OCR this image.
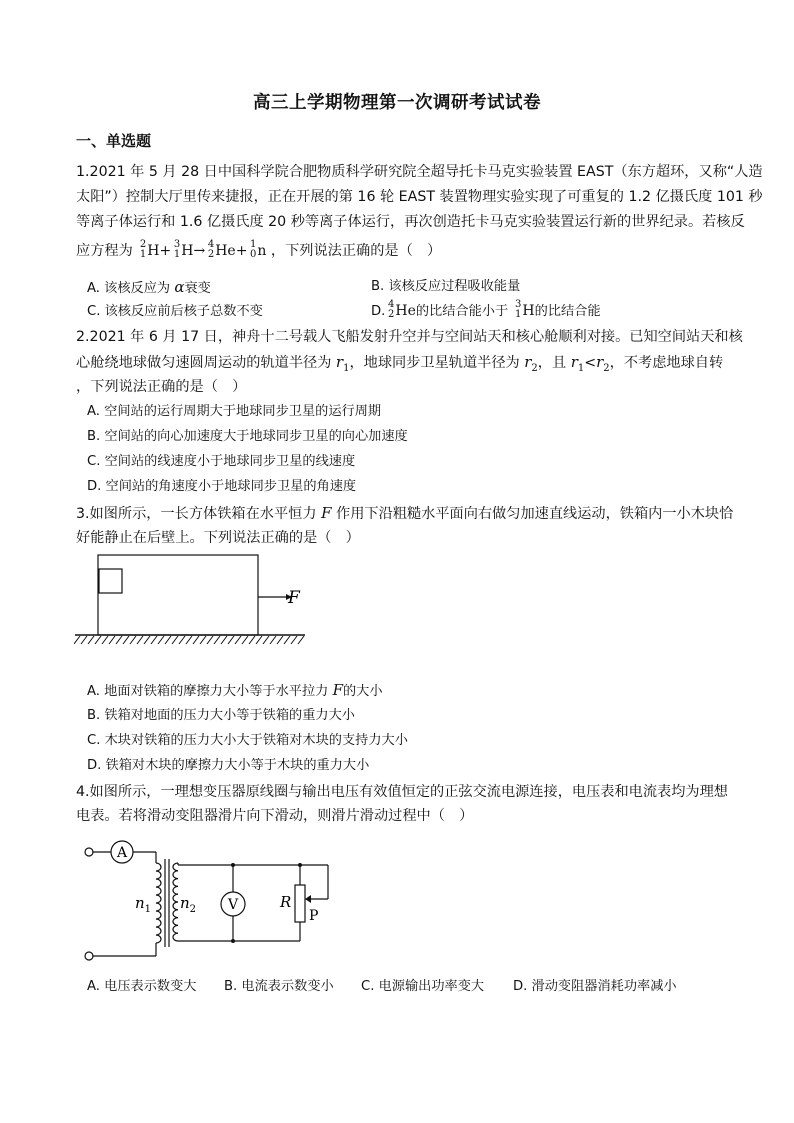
高三上学期物理第一次调研考试试卷
一、单选题
1.2021 年 5 月 28 日中国科学院合肥物质科学研究院全超导托卡马克实验装置 EAST（东方超环，又称“人造
太阳”）控制大厅里传来捷报，正在开展的第 16 轮 EAST 装置物理实验实现了可重复的 1.2 亿摄氏度 101 秒
等离子体运行和 1.6 亿摄氏度 20 秒等离子体运行，再次创造托卡马克实验装置运行新的世界纪录。若核反
应方程为 2
1 H+ 3
1 H→ 4
2 He+ 1
0 n ，下列说法正确的是（　）
A. 该核反应为 α衰变	B. 该核反应过程吸收能量
C. 该核反应前后核子总数不变	D. 4
2 He的比结合能小于 3
1 H的比结合能
2.2021 年 6 月 17 日，神舟十二号载人飞船发射升空并与空间站天和核心舱顺利对接。已知空间站天和核
心舱绕地球做匀速圆周运动的轨道半径为 $r_1$，地球同步卫星轨道半径为 $r_2$，且 $r_1<r_2$，不考虑地球自转
，下列说法正确的是（　）
A. 空间站的运行周期大于地球同步卫星的运行周期
B. 空间站的向心加速度大于地球同步卫星的向心加速度
C. 空间站的线速度小于地球同步卫星的线速度
D. 空间站的角速度小于地球同步卫星的角速度
3.如图所示，一长方体铁箱在水平恒力 F 作用下沿粗糙水平面向右做匀加速直线运动，铁箱内一小木块恰
好能静止在后壁上。下列说法正确的是（　）
F
A. 地面对铁箱的摩擦力大小等于水平拉力 F的大小
B. 铁箱对地面的压力大小等于铁箱的重力大小
C. 木块对铁箱的压力大小大于铁箱对木块的支持力大小
D. 铁箱对木块的摩擦力大小等于木块的重力大小
4.如图所示，一理想变压器原线圈与输出电压有效值恒定的正弦交流电源连接，电压表和电流表均为理想
电表。若将滑动变阻器滑片向下滑动，则滑片滑动过程中（　）
A
$n_1$ $n_2$ V	R
P
A. 电压表示数变大 B. 电流表示数变小 C. 电源输出功率变大 D. 滑动变阻器消耗功率减小
